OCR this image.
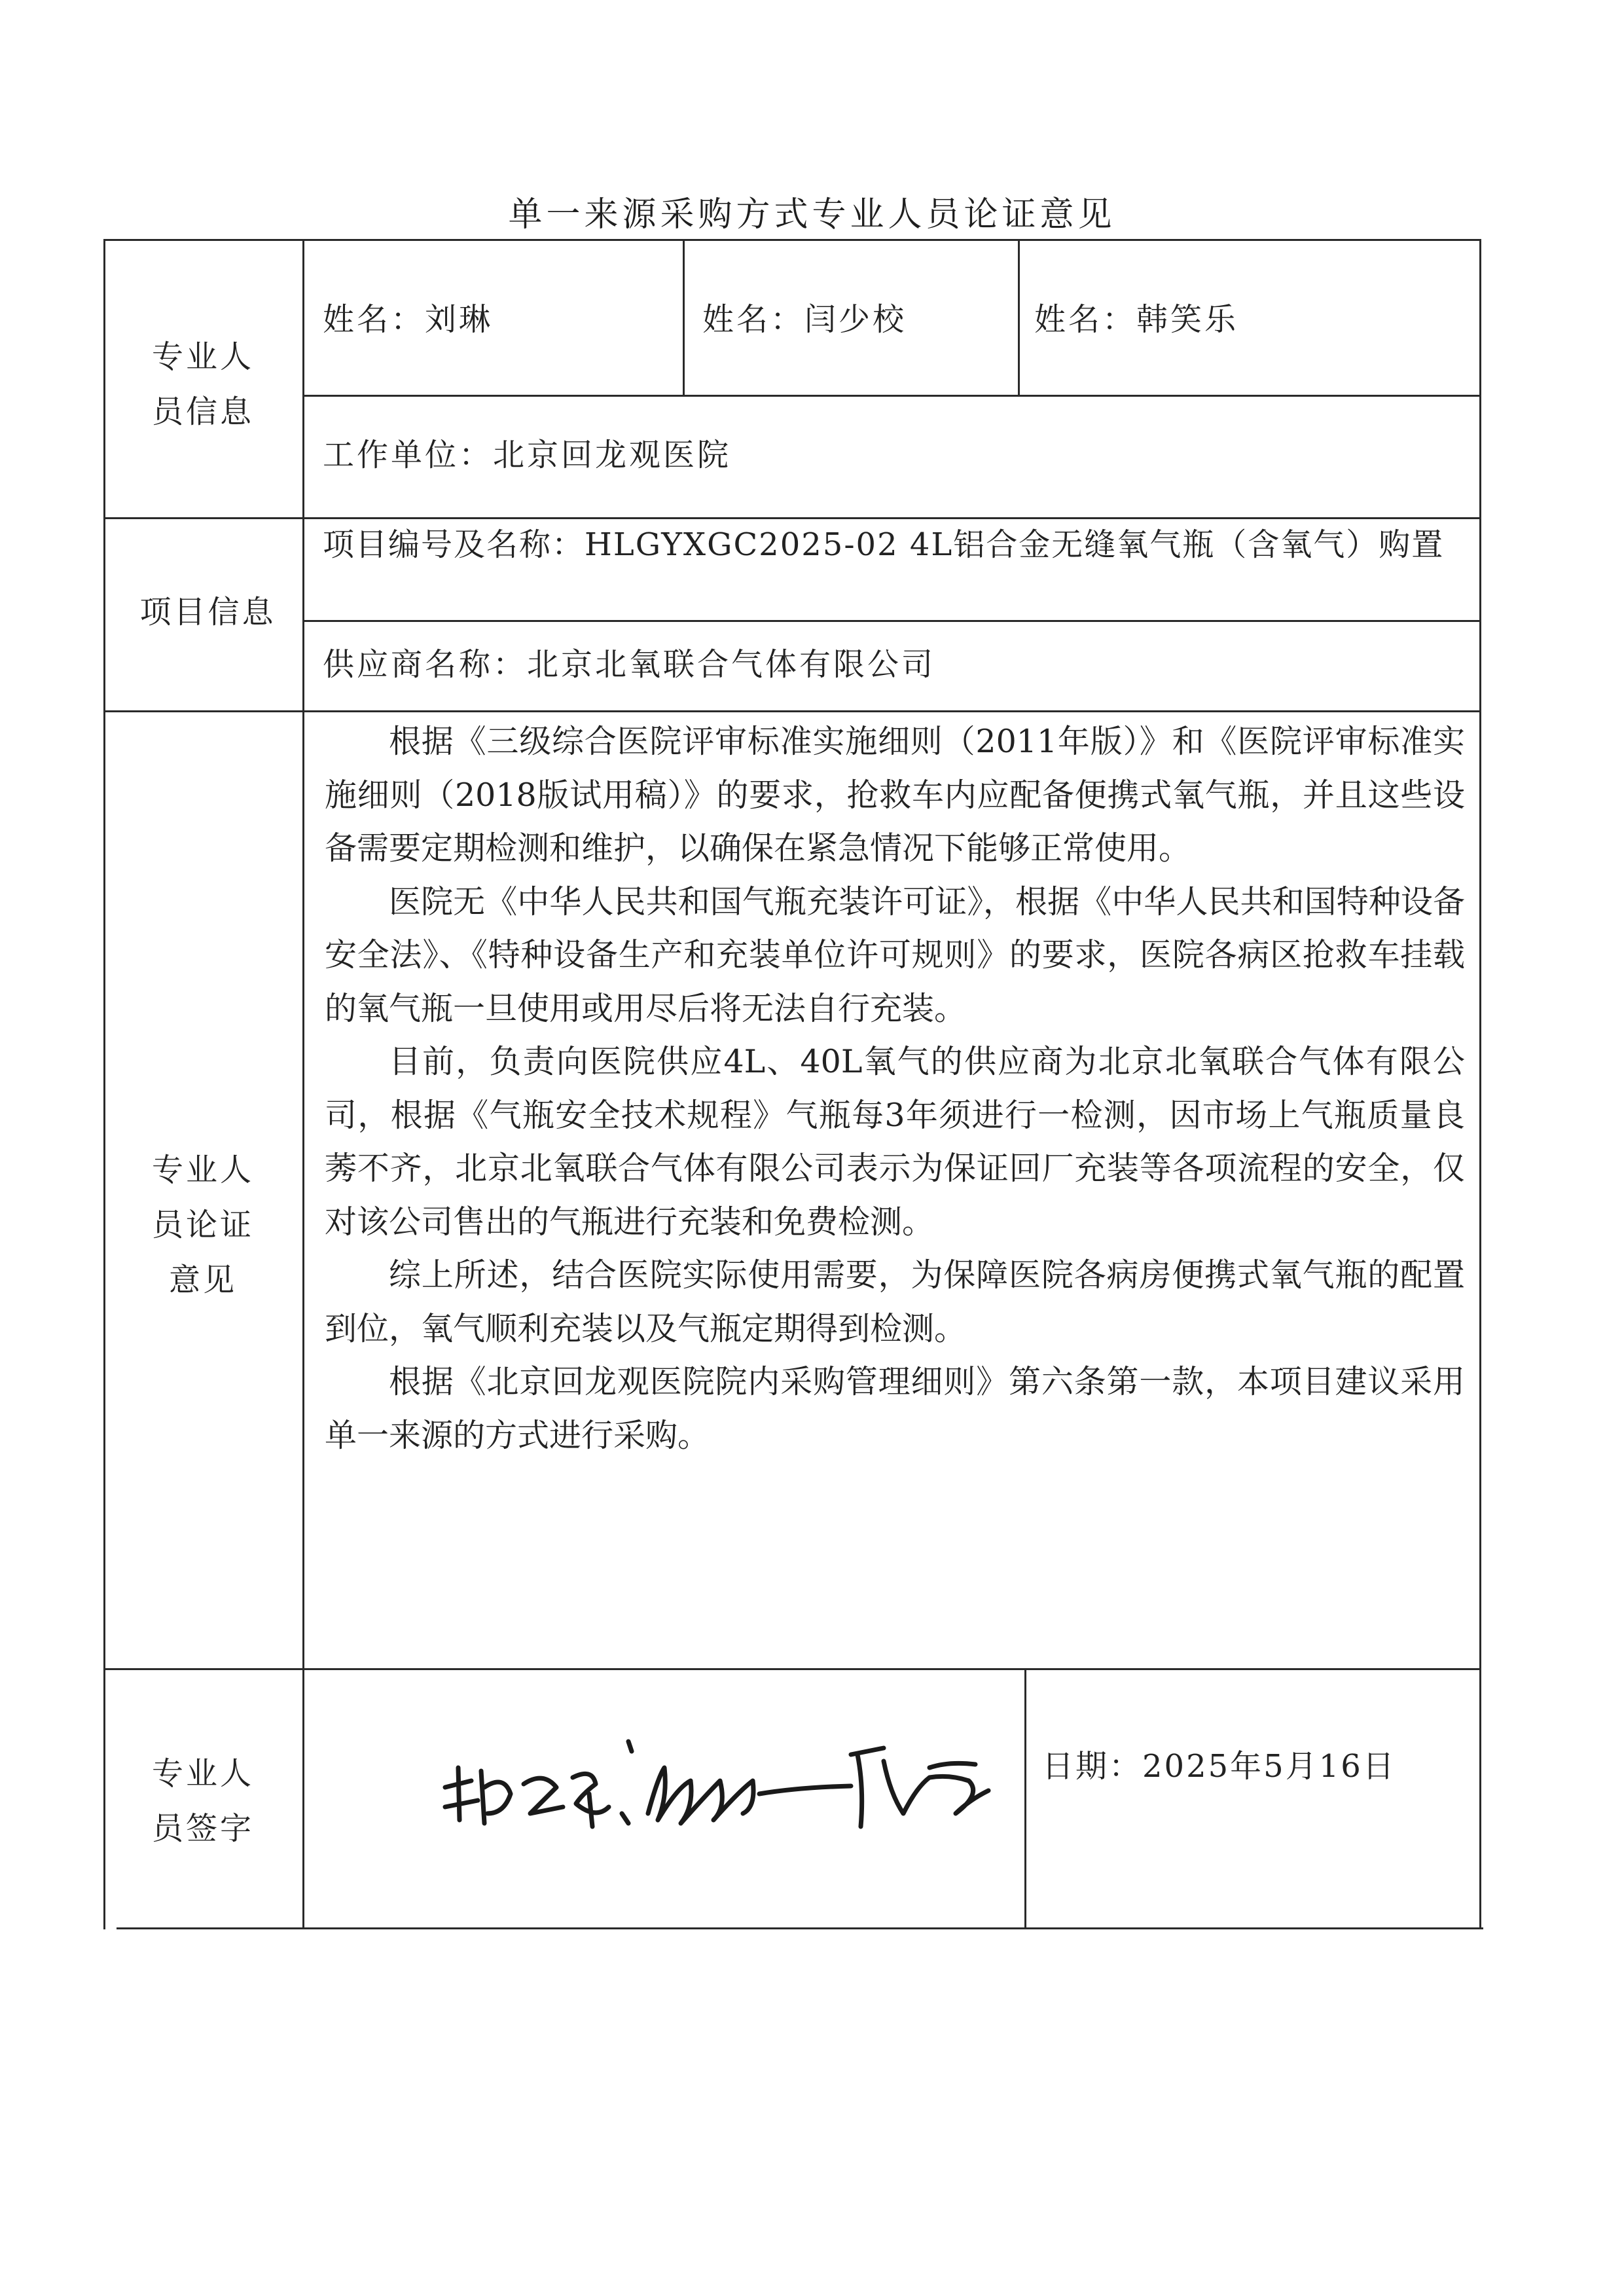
单一来源采购方式专业人员论证意见
专业人员信息
项目信息
专业人员论证意见
专业人员签字
姓名：刘琳	姓名：闫少校	姓名：韩笑乐
工作单位：北京回龙观医院
项目编号及名称：HLGYXGC2025-02 4L铝合金无缝氧气瓶（含氧气）购置
供应商名称：北京北氧联合气体有限公司

根据《三级综合医院评审标准实施细则（2011年版）》和《医院评审标准实施细则（2018版试用稿）》的要求，抢救车内应配备便携式氧气瓶，并且这些设备需要定期检测和维护，以确保在紧急情况下能够正常使用。

医院无《中华人民共和国气瓶充装许可证》，根据《中华人民共和国特种设备安全法》、《特种设备生产和充装单位许可规则》的要求，医院各病区抢救车挂载的氧气瓶一旦使用或用尽后将无法自行充装。

目前，负责向医院供应4L、40L氧气的供应商为北京北氧联合气体有限公司，根据《气瓶安全技术规程》气瓶每3年须进行一检测，因市场上气瓶质量良莠不齐，北京北氧联合气体有限公司表示为保证回厂充装等各项流程的安全，仅对该公司售出的气瓶进行充装和免费检测。

综上所述，结合医院实际使用需要，为保障医院各病房便携式氧气瓶的配置到位，氧气顺利充装以及气瓶定期得到检测。

根据《北京回龙观医院院内采购管理细则》第六条第一款，本项目建议采用单一来源的方式进行采购。

日期：2025年5月16日
